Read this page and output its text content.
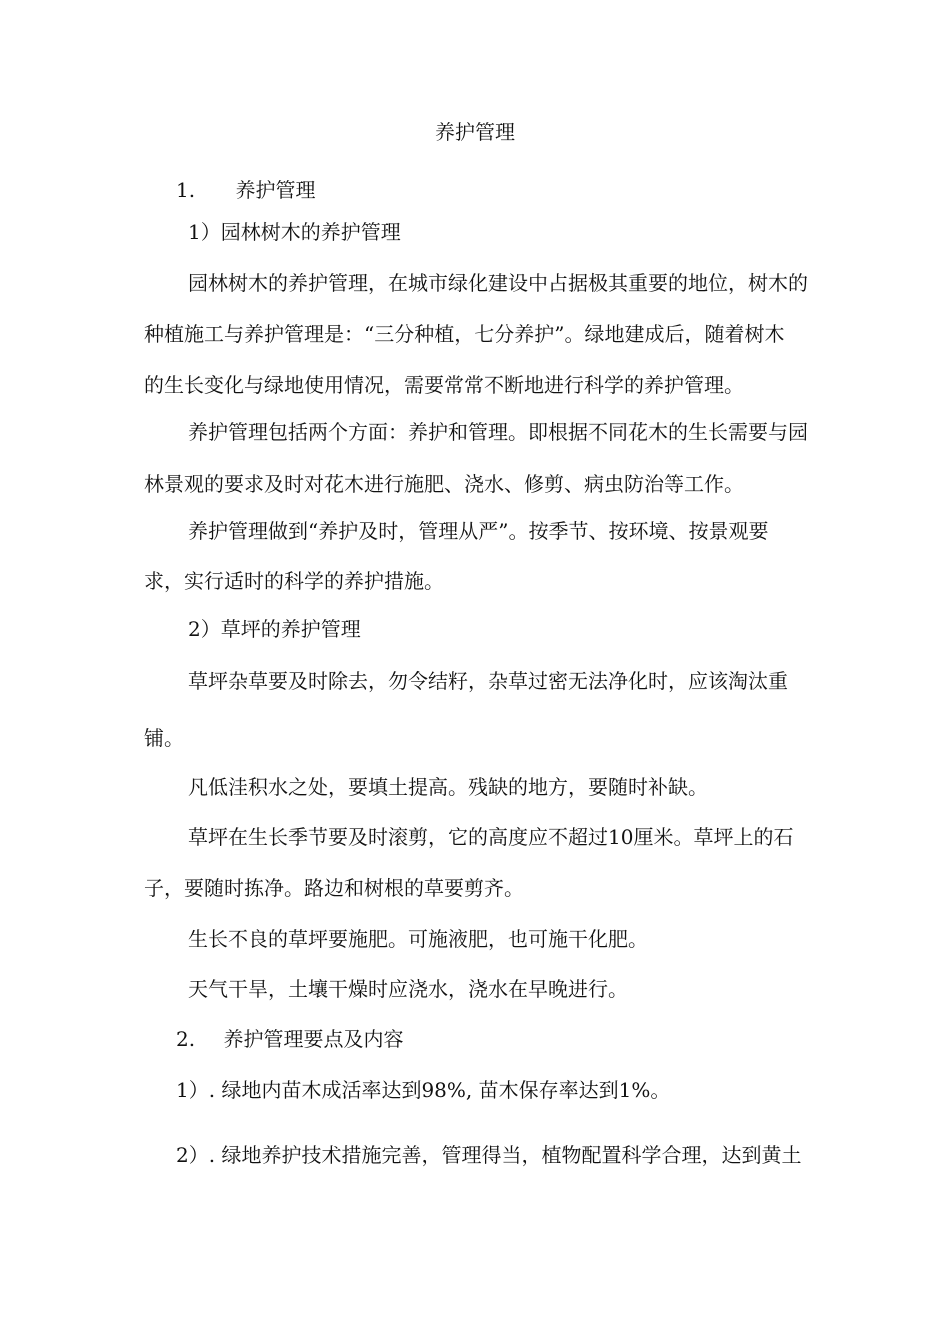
养护管理
1. 养护管理
1）园林树木的养护管理
园林树木的养护管理，在城市绿化建设中占据极其重要的地位，树木的
种植施工与养护管理是：“三分种植，七分养护”。绿地建成后，随着树木
的生长变化与绿地使用情况，需要常常不断地进行科学的养护管理。
养护管理包括两个方面：养护和管理。即根据不同花木的生长需要与园
林景观的要求及时对花木进行施肥、浇水、修剪、病虫防治等工作。
养护管理做到“养护及时，管理从严”。按季节、按环境、按景观要
求，实行适时的科学的养护措施。
2）草坪的养护管理
草坪杂草要及时除去，勿令结籽，杂草过密无法净化时，应该淘汰重
铺。
凡低洼积水之处，要填土提高。残缺的地方，要随时补缺。
草坪在生长季节要及时滚剪，它的高度应不超过10厘米。草坪上的石
子，要随时拣净。路边和树根的草要剪齐。
生长不良的草坪要施肥。可施液肥，也可施干化肥。
天气干旱，土壤干燥时应浇水，浇水在早晚进行。
2. 养护管理要点及内容
1）. 绿地内苗木成活率达到98%, 苗木保存率达到1%。
2）. 绿地养护技术措施完善，管理得当，植物配置科学合理，达到黄土
